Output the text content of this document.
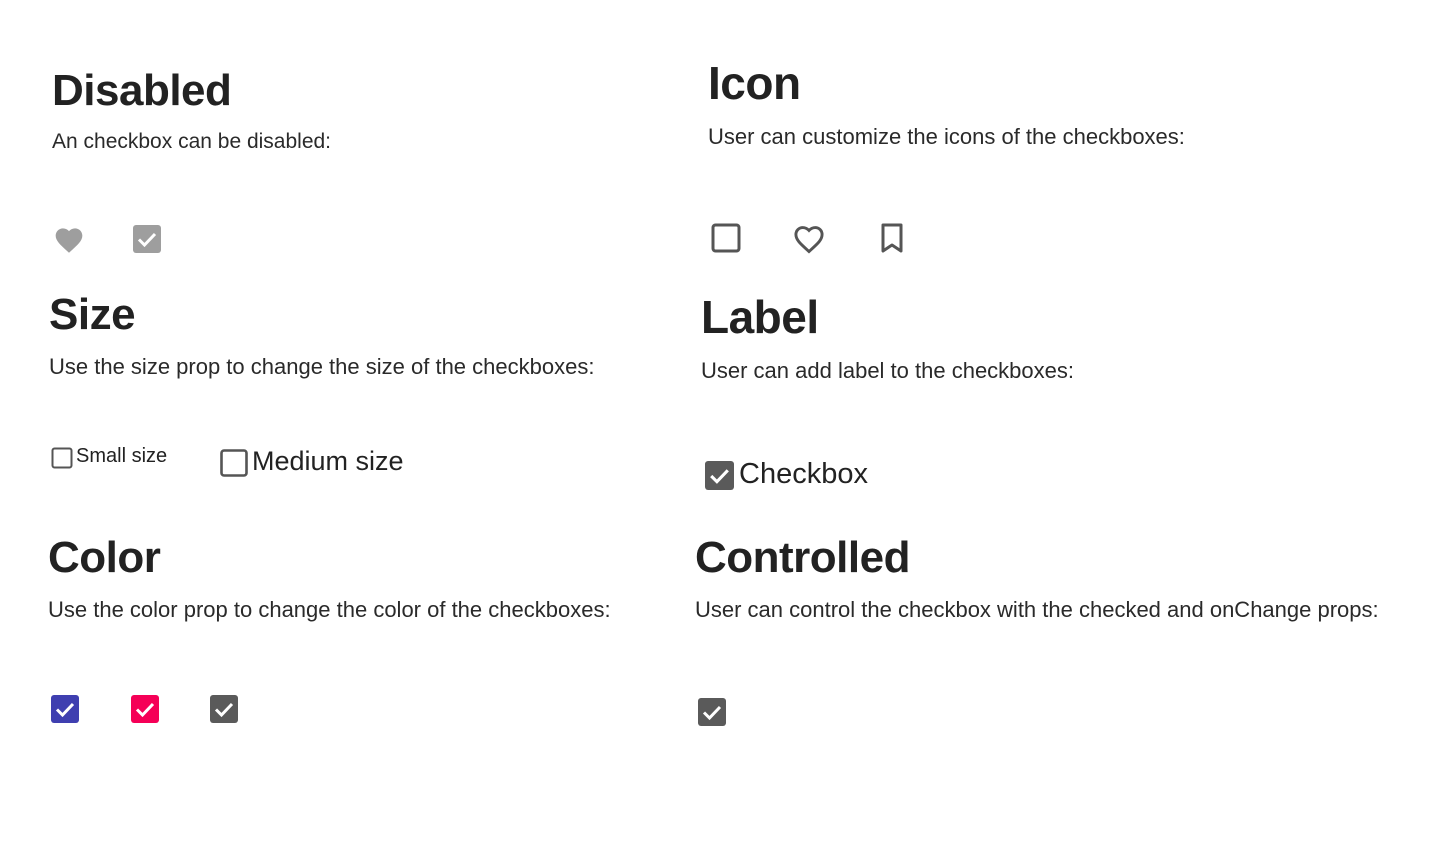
Disabled

An checkbox can be disabled:

Icon

User can customize the icons of the checkboxes:

Size

Use the size prop to change the size of the checkboxes:

Small size	Medium size
Label

User can add label to the checkboxes:

Checkbox
Color

Use the color prop to change the color of the checkboxes:

Controlled

User can control the checkbox with the checked and onChange props:
